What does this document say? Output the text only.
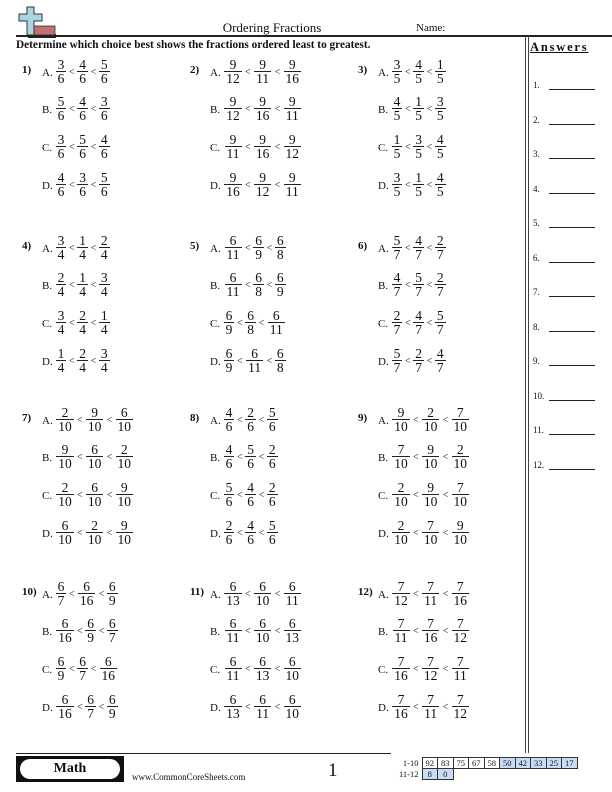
Ordering Fractions	Name:
Determine which choice best shows the fractions ordered least to greatest.	Answers
1.
2.
3.
4.
5.
6.
7.
8.
9.
10.
11.
12.
1) A. $\frac{3}{6} < \frac{4}{6} < \frac{5}{6}$
B. $\frac{5}{6} < \frac{4}{6} < \frac{3}{6}$
C. $\frac{3}{6} < \frac{5}{6} < \frac{4}{6}$
D. $\frac{4}{6} < \frac{3}{6} < \frac{5}{6}$
2) A. $\frac{9}{12} < \frac{9}{11} < \frac{9}{16}$
B. $\frac{9}{12} < \frac{9}{16} < \frac{9}{11}$
C. $\frac{9}{11} < \frac{9}{16} < \frac{9}{12}$
D. $\frac{9}{16} < \frac{9}{12} < \frac{9}{11}$
3) A. $\frac{3}{5} < \frac{4}{5} < \frac{1}{5}$
B. $\frac{4}{5} < \frac{1}{5} < \frac{3}{5}$
C. $\frac{1}{5} < \frac{3}{5} < \frac{4}{5}$
D. $\frac{3}{5} < \frac{1}{5} < \frac{4}{5}$
4) A. $\frac{3}{4} < \frac{1}{4} < \frac{2}{4}$
B. $\frac{2}{4} < \frac{1}{4} < \frac{3}{4}$
C. $\frac{3}{4} < \frac{2}{4} < \frac{1}{4}$
D. $\frac{1}{4} < \frac{2}{4} < \frac{3}{4}$
5) A. $\frac{6}{11} < \frac{6}{9} < \frac{6}{8}$
B. $\frac{6}{11} < \frac{6}{8} < \frac{6}{9}$
C. $\frac{6}{9} < \frac{6}{8} < \frac{6}{11}$
D. $\frac{6}{9} < \frac{6}{11} < \frac{6}{8}$
6) A. $\frac{5}{7} < \frac{4}{7} < \frac{2}{7}$
B. $\frac{4}{7} < \frac{5}{7} < \frac{2}{7}$
C. $\frac{2}{7} < \frac{4}{7} < \frac{5}{7}$
D. $\frac{5}{7} < \frac{2}{7} < \frac{4}{7}$
7) A. $\frac{2}{10} < \frac{9}{10} < \frac{6}{10}$
B. $\frac{9}{10} < \frac{6}{10} < \frac{2}{10}$
C. $\frac{2}{10} < \frac{6}{10} < \frac{9}{10}$
D. $\frac{6}{10} < \frac{2}{10} < \frac{9}{10}$
8) A. $\frac{4}{6} < \frac{2}{6} < \frac{5}{6}$
B. $\frac{4}{6} < \frac{5}{6} < \frac{2}{6}$
C. $\frac{5}{6} < \frac{4}{6} < \frac{2}{6}$
D. $\frac{2}{6} < \frac{4}{6} < \frac{5}{6}$
9) A. $\frac{9}{10} < \frac{2}{10} < \frac{7}{10}$
B. $\frac{7}{10} < \frac{9}{10} < \frac{2}{10}$
C. $\frac{2}{10} < \frac{9}{10} < \frac{7}{10}$
D. $\frac{2}{10} < \frac{7}{10} < \frac{9}{10}$
10) A. $\frac{6}{7} < \frac{6}{16} < \frac{6}{9}$
B. $\frac{6}{16} < \frac{6}{9} < \frac{6}{7}$
C. $\frac{6}{9} < \frac{6}{7} < \frac{6}{16}$
D. $\frac{6}{16} < \frac{6}{7} < \frac{6}{9}$
11) A. $\frac{6}{13} < \frac{6}{10} < \frac{6}{11}$
B. $\frac{6}{11} < \frac{6}{10} < \frac{6}{13}$
C. $\frac{6}{11} < \frac{6}{13} < \frac{6}{10}$
D. $\frac{6}{13} < \frac{6}{11} < \frac{6}{10}$
12) A. $\frac{7}{12} < \frac{7}{11} < \frac{7}{16}$
B. $\frac{7}{11} < \frac{7}{16} < \frac{7}{12}$
C. $\frac{7}{16} < \frac{7}{12} < \frac{7}{11}$
D. $\frac{7}{16} < \frac{7}{11} < \frac{7}{12}$
Math
www.CommonCoreSheets.com	1	1-10	92	83	75	67	58	50	42	33	25	17
11-12	8	0								
